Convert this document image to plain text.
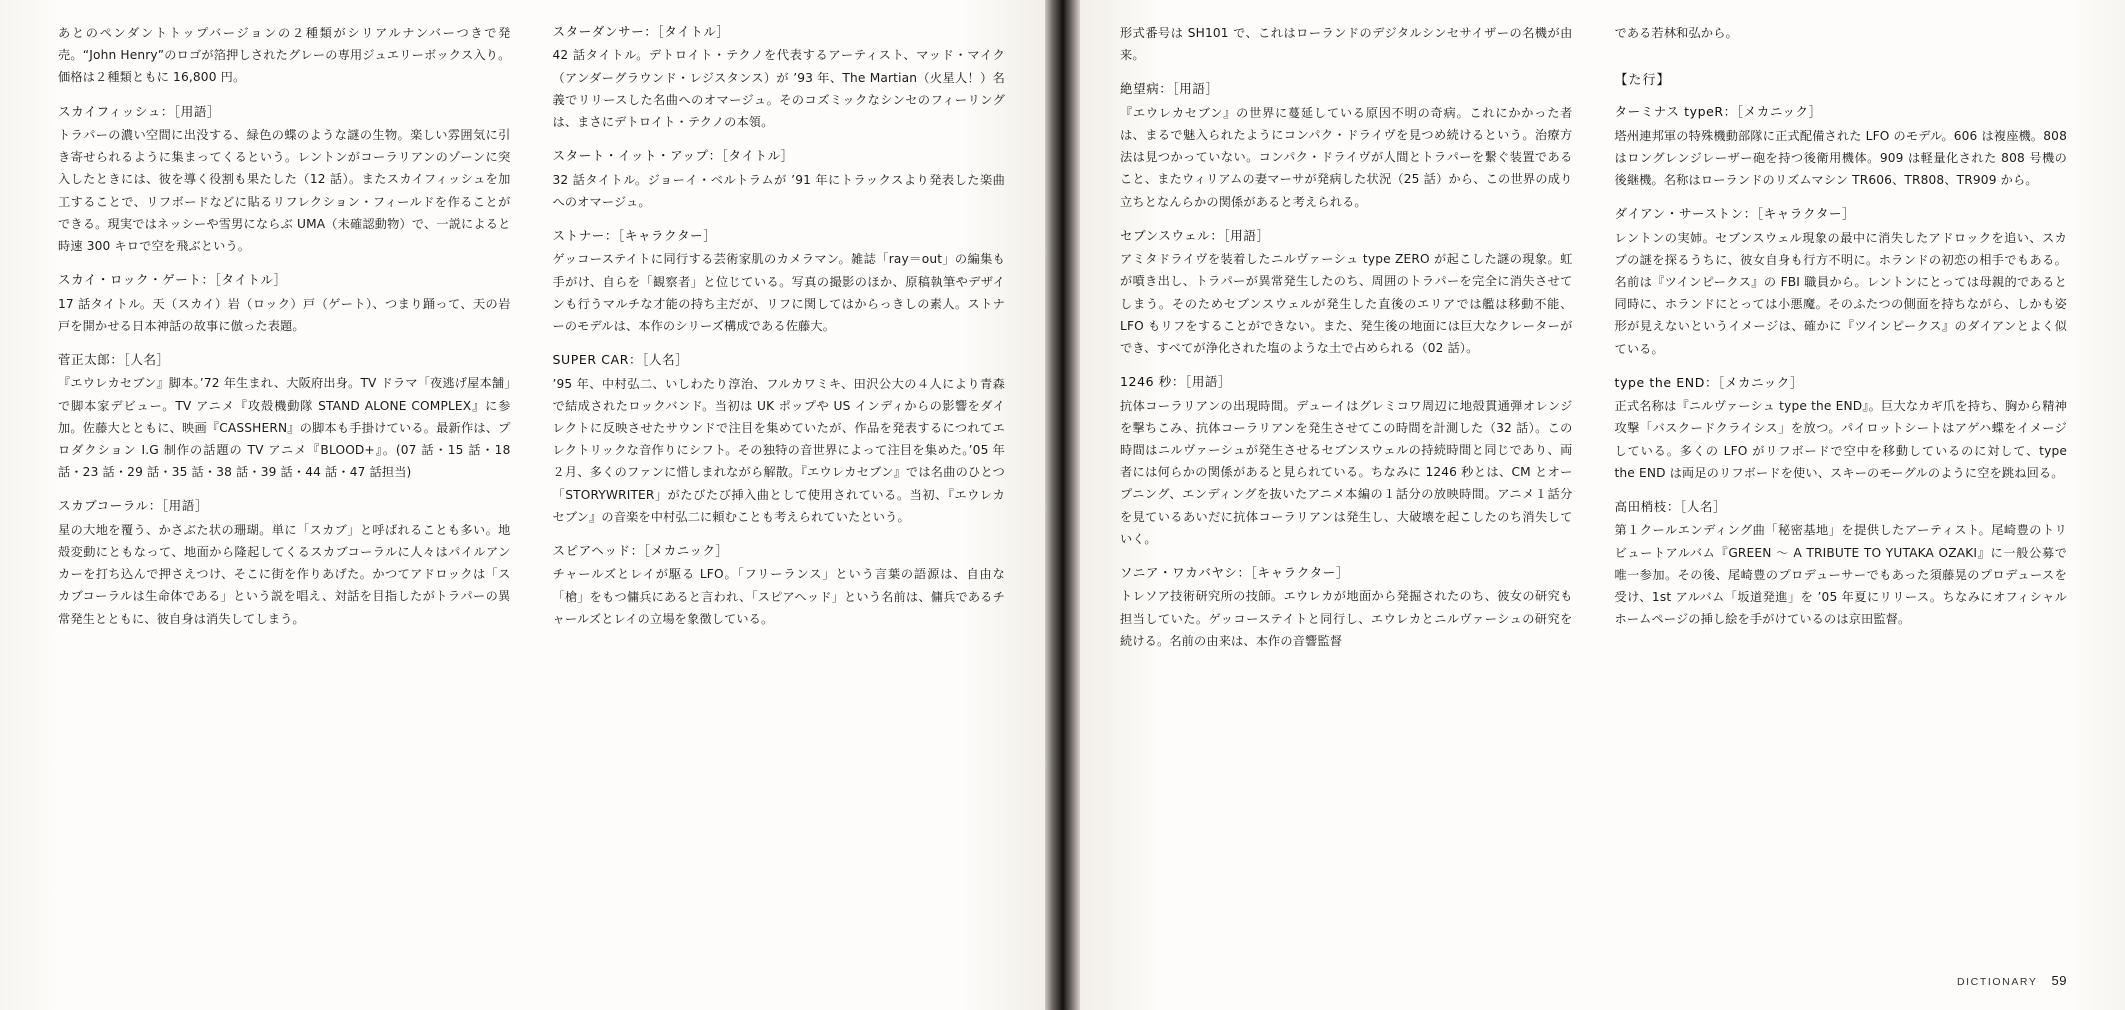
あとのペンダントトップバージョンの２種類がシリアルナンバーつきで発売。“John Henry”のロゴが箔押しされたグレーの専用ジュエリーボックス入り。価格は２種類ともに 16,800 円。
スカイフィッシュ：［用語］
トラパーの濃い空間に出没する、緑色の蝶のような謎の生物。楽しい雰囲気に引き寄せられるように集まってくるという。レントンがコーラリアンのゾーンに突入したときには、彼を導く役割も果たした（12 話）。またスカイフィッシュを加工することで、リフボードなどに貼るリフレクション・フィールドを作ることができる。現実ではネッシーや雪男にならぶ UMA（未確認動物）で、一説によると時速 300 キロで空を飛ぶという。
スカイ・ロック・ゲート：［タイトル］
17 話タイトル。天（スカイ）岩（ロック）戸（ゲート）、つまり踊って、天の岩戸を開かせる日本神話の故事に倣った表題。
菅正太郎：［人名］
『エウレカセブン』脚本。’72 年生まれ、大阪府出身。TV ドラマ「夜逃げ屋本舗」で脚本家デビュー。TV アニメ『攻殻機動隊 STAND ALONE COMPLEX』に参加。佐藤大とともに、映画『CASSHERN』の脚本も手掛けている。最新作は、プロダクション I.G 制作の話題の TV アニメ『BLOOD+』。(07 話・15 話・18 話・23 話・29 話・35 話・38 話・39 話・44 話・47 話担当)
スカブコーラル：［用語］
星の大地を覆う、かさぶた状の珊瑚。単に「スカブ」と呼ばれることも多い。地殻変動にともなって、地面から隆起してくるスカブコーラルに人々はパイルアンカーを打ち込んで押さえつけ、そこに街を作りあげた。かつてアドロックは「スカブコーラルは生命体である」という説を唱え、対話を目指したがトラパーの異常発生とともに、彼自身は消失してしまう。
スターダンサー：［タイトル］
42 話タイトル。デトロイト・テクノを代表するアーティスト、マッド・マイク（アンダーグラウンド・レジスタンス）が ’93 年、The Martian（火星人！）名義でリリースした名曲へのオマージュ。そのコズミックなシンセのフィーリングは、まさにデトロイト・テクノの本領。
スタート・イット・アップ：［タイトル］
32 話タイトル。ジョーイ・ベルトラムが ’91 年にトラックスより発表した楽曲へのオマージュ。
ストナー：［キャラクター］
ゲッコーステイトに同行する芸術家肌のカメラマン。雑誌「ray＝out」の編集も手がけ、自らを「観察者」と位じている。写真の撮影のほか、原稿執筆やデザインも行うマルチな才能の持ち主だが、リフに関してはからっきしの素人。ストナーのモデルは、本作のシリーズ構成である佐藤大。
SUPER CAR：［人名］
’95 年、中村弘二、いしわたり淳治、フルカワミキ、田沢公大の４人により青森で結成されたロックバンド。当初は UK ポップや US インディからの影響をダイレクトに反映させたサウンドで注目を集めていたが、作品を発表するにつれてエレクトリックな音作りにシフト。その独特の音世界によって注目を集めた。’05 年２月、多くのファンに惜しまれながら解散。『エウレカセブン』では名曲のひとつ「STORYWRITER」がたびたび挿入曲として使用されている。当初、『エウレカセブン』の音楽を中村弘二に頼むことも考えられていたという。
スピアヘッド：［メカニック］
チャールズとレイが駆る LFO。「フリーランス」という言葉の語源は、自由な「槍」をもつ傭兵にあると言われ、「スピアヘッド」という名前は、傭兵であるチャールズとレイの立場を象徴している。
形式番号は SH101 で、これはローランドのデジタルシンセサイザーの名機が由来。
絶望病：［用語］
『エウレカセブン』の世界に蔓延している原因不明の奇病。これにかかった者は、まるで魅入られたようにコンパク・ドライヴを見つめ続けるという。治療方法は見つかっていない。コンパク・ドライヴが人間とトラパーを繋ぐ装置であること、またウィリアムの妻マーサが発病した状況（25 話）から、この世界の成り立ちとなんらかの関係があると考えられる。
セブンスウェル：［用語］
アミタドライヴを装着したニルヴァーシュ type ZERO が起こした謎の現象。虹が噴き出し、トラパーが異常発生したのち、周囲のトラパーを完全に消失させてしまう。そのためセブンスウェルが発生した直後のエリアでは艦は移動不能、LFO もリフをすることができない。また、発生後の地面には巨大なクレーターができ、すべてが浄化された塩のような土で占められる（02 話）。
1246 秒：［用語］
抗体コーラリアンの出現時間。デューイはグレミコワ周辺に地殻貫通弾オレンジを撃ちこみ、抗体コーラリアンを発生させてこの時間を計測した（32 話）。この時間はニルヴァーシュが発生させるセブンスウェルの持続時間と同じであり、両者には何らかの関係があると見られている。ちなみに 1246 秒とは、CM とオープニング、エンディングを抜いたアニメ本編の１話分の放映時間。アニメ１話分を見ているあいだに抗体コーラリアンは発生し、大破壊を起こしたのち消失していく。
ソニア・ワカバヤシ：［キャラクター］
トレソア技術研究所の技師。エウレカが地面から発掘されたのち、彼女の研究も担当していた。ゲッコーステイトと同行し、エウレカとニルヴァーシュの研究を続ける。名前の由来は、本作の音響監督
である若林和弘から。
【た行】
ターミナス typeR：［メカニック］
塔州連邦軍の特殊機動部隊に正式配備された LFO のモデル。606 は複座機。808 はロングレンジレーザー砲を持つ後衛用機体。909 は軽量化された 808 号機の後継機。名称はローランドのリズムマシン TR606、TR808、TR909 から。
ダイアン・サーストン：［キャラクター］
レントンの実姉。セブンスウェル現象の最中に消失したアドロックを追い、スカブの謎を探るうちに、彼女自身も行方不明に。ホランドの初恋の相手でもある。名前は『ツインピークス』の FBI 職員から。レントンにとっては母親的であると同時に、ホランドにとっては小悪魔。そのふたつの側面を持ちながら、しかも姿形が見えないというイメージは、確かに『ツインピークス』のダイアンとよく似ている。
type the END：［メカニック］
正式名称は『ニルヴァーシュ type the END』。巨大なカギ爪を持ち、胸から精神攻撃「バスクードクライシス」を放つ。パイロットシートはアゲハ蝶をイメージしている。多くの LFO がリフボードで空中を移動しているのに対して、type the END は両足のリフボードを使い、スキーのモーグルのように空を跳ね回る。
高田梢枝：［人名］
第１クールエンディング曲「秘密基地」を提供したアーティスト。尾崎豊のトリビュートアルバム『GREEN ～ A TRIBUTE TO YUTAKA OZAKI』に一般公募で唯一参加。その後、尾崎豊のプロデューサーでもあった須藤晃のプロデュースを受け、1st アルバム「坂道発進」を ’05 年夏にリリース。ちなみにオフィシャルホームページの挿し絵を手がけているのは京田監督。
DICTIONARY 59
